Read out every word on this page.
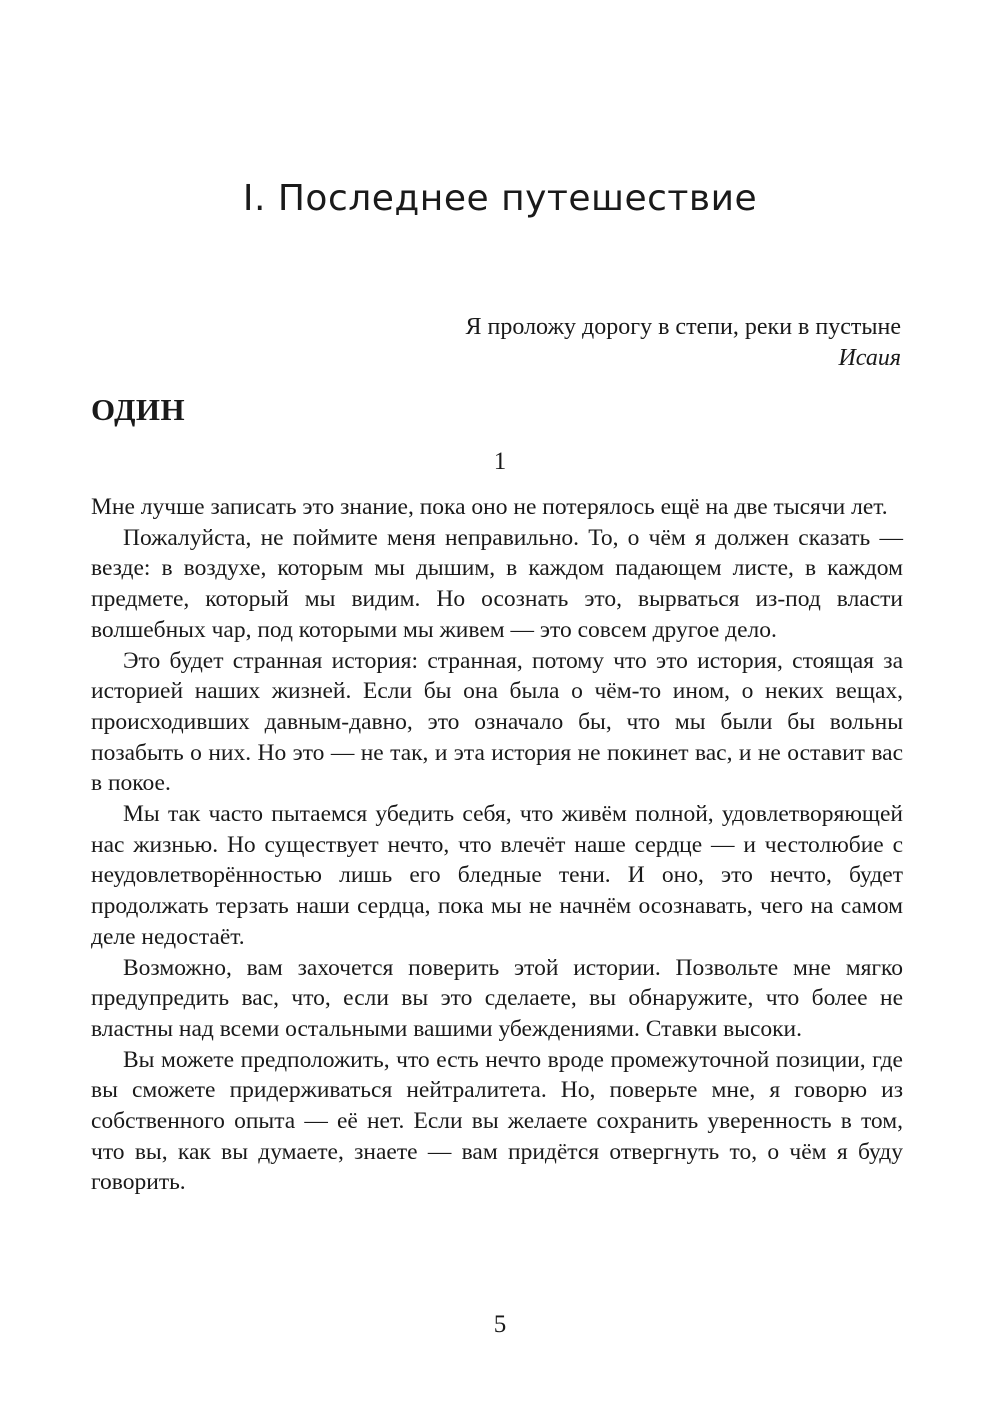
I. Последнее путешествие
Я проложу дорогу в степи, реки в пустыне
Исаия
ОДИН
1

Мне лучше записать это знание, пока оно не потерялось ещё на две тысячи лет.

Пожалуйста, не поймите меня неправильно. То, о чём я должен сказать — везде: в воздухе, которым мы дышим, в каждом падающем листе, в каждом предмете, который мы видим. Но осознать это, вырваться из-под власти волшебных чар, под которыми мы живем — это совсем другое дело.

Это будет странная история: странная, потому что это история, стоящая за историей наших жизней. Если бы она была о чём-то ином, о неких вещах, происходивших давным-давно, это означало бы, что мы были бы вольны позабыть о них. Но это — не так, и эта история не покинет вас, и не оставит вас в покое.

Мы так часто пытаемся убедить себя, что живём полной, удовлетворяющей нас жизнью. Но существует нечто, что влечёт наше сердце — и честолюбие с неудовлетворённостью лишь его бледные тени. И оно, это нечто, будет продолжать терзать наши сердца, пока мы не начнём осознавать, чего на самом деле недостаёт.

Возможно, вам захочется поверить этой истории. Позвольте мне мягко предупредить вас, что, если вы это сделаете, вы обнаружите, что более не властны над всеми остальными вашими убеждениями. Ставки высоки.

Вы можете предположить, что есть нечто вроде промежуточной позиции, где вы сможете придерживаться нейтралитета. Но, поверьте мне, я говорю из собственного опыта — её нет. Если вы желаете сохранить уверенность в том, что вы, как вы думаете, знаете — вам придётся отвергнуть то, о чём я буду говорить.

5
